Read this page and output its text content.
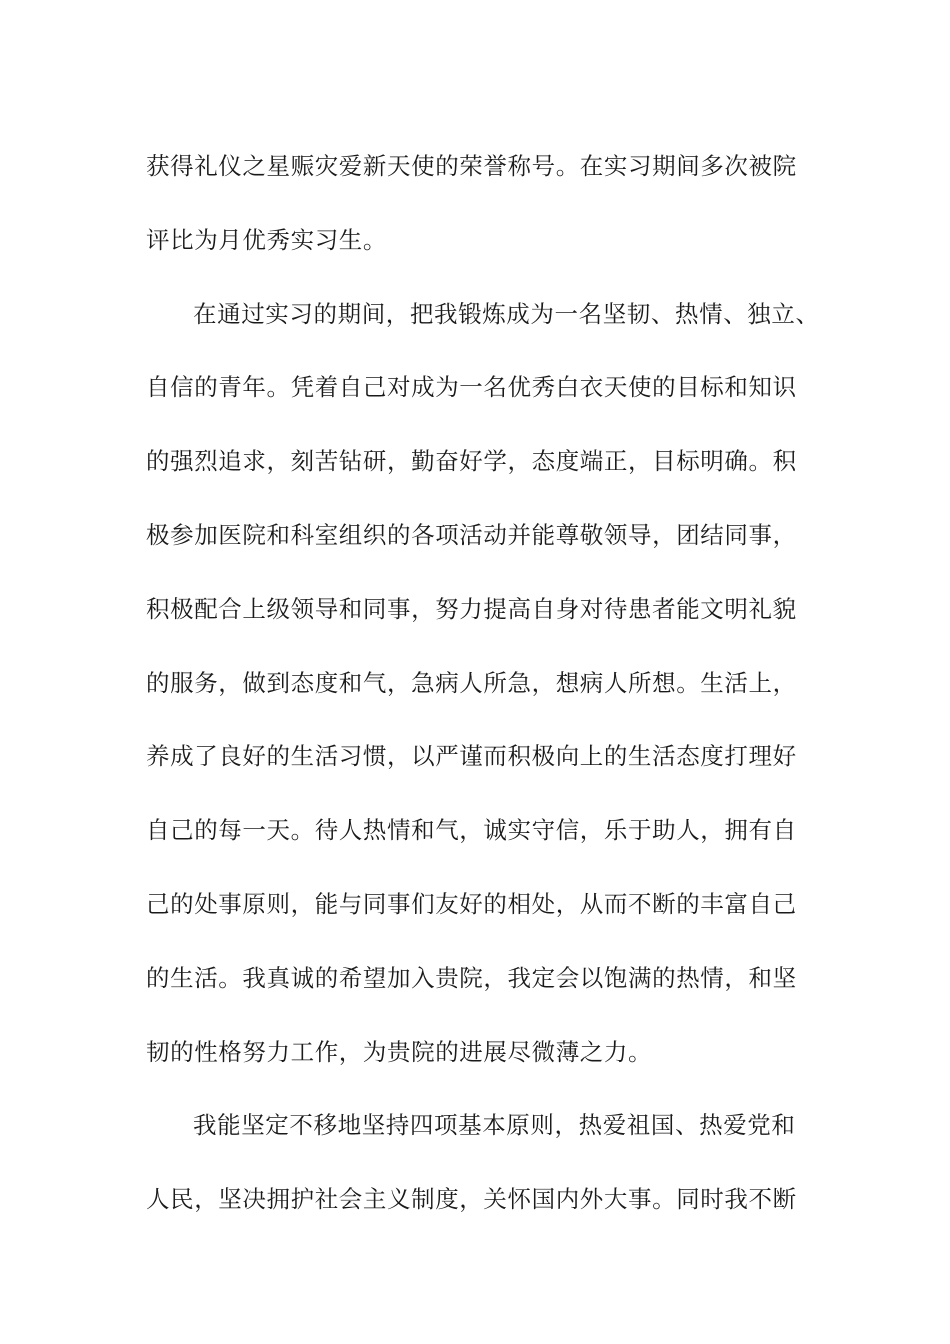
获得礼仪之星赈灾爱新天使的荣誉称号。在实习期间多次被院
评比为月优秀实习生。
在通过实习的期间，把我锻炼成为一名坚韧、热情、独立、
自信的青年。凭着自己对成为一名优秀白衣天使的目标和知识
的强烈追求，刻苦钻研，勤奋好学，态度端正，目标明确。积
极参加医院和科室组织的各项活动并能尊敬领导，团结同事，
积极配合上级领导和同事，努力提高自身对待患者能文明礼貌
的服务，做到态度和气，急病人所急，想病人所想。生活上，
养成了良好的生活习惯，以严谨而积极向上的生活态度打理好
自己的每一天。待人热情和气，诚实守信，乐于助人，拥有自
己的处事原则，能与同事们友好的相处，从而不断的丰富自己
的生活。我真诚的希望加入贵院，我定会以饱满的热情，和坚
韧的性格努力工作，为贵院的进展尽微薄之力。
我能坚定不移地坚持四项基本原则，热爱祖国、热爱党和
人民，坚决拥护社会主义制度，关怀国内外大事。同时我不断
